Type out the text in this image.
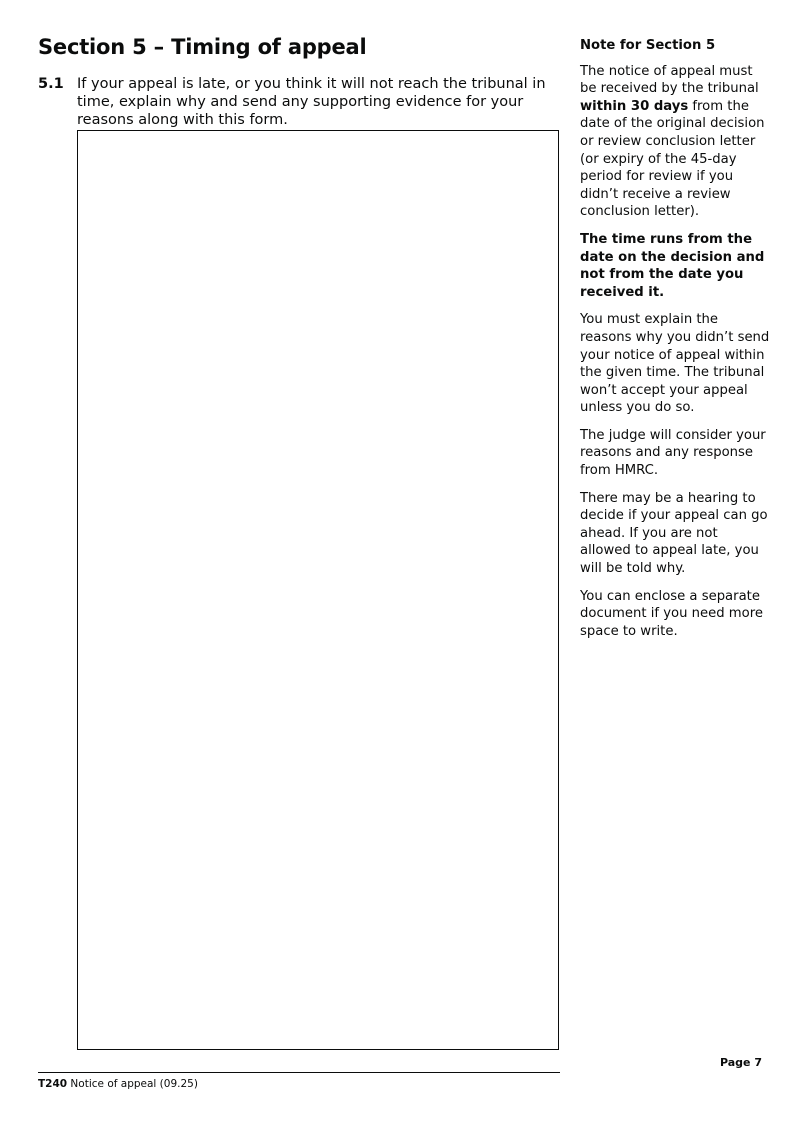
Section 5 – Timing of appeal
5.1 If your appeal is late, or you think it will not reach the tribunal in time, explain why and send any supporting evidence for your reasons along with this form.
Note for Section 5

The notice of appeal must be received by the tribunal within 30 days from the date of the original decision or review conclusion letter (or expiry of the 45-day period for review if you didn’t receive a review conclusion letter).

The time runs from the date on the decision and not from the date you received it.

You must explain the reasons why you didn’t send your notice of appeal within the given time. The tribunal won’t accept your appeal unless you do so.

The judge will consider your reasons and any response from HMRC.

There may be a hearing to decide if your appeal can go ahead. If you are not allowed to appeal late, you will be told why.

You can enclose a separate document if you need more space to write.

Page 7
T240 Notice of appeal (09.25)
